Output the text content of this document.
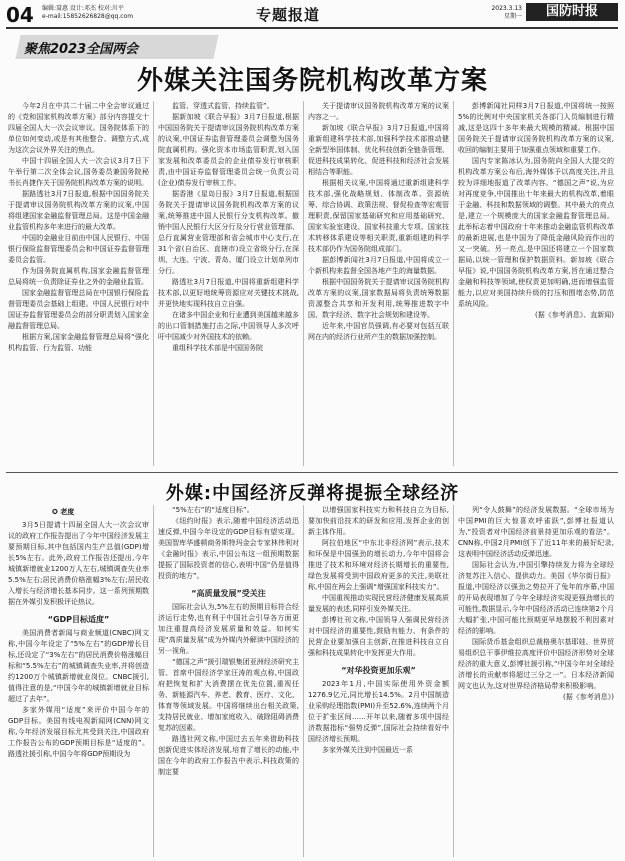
04 编辑:聂惠 设计:邓杰 校对:川平
e-mail:15852626828@qq.com	专题报道	2023.3.13
星期一	国防时报
聚焦2023全国两会
外媒关注国务院机构改革方案

今年2月在中共二十届二中全会审议通过的《党和国家机构改革方案》部分内容提交十四届全国人大一次会议审议。国务院体系下的单位如何变动,或是有其他整合、调整方式,成为这次会议外界关注的焦点。

中国十四届全国人大一次会议3月7日下午举行第二次全体会议,国务委员兼国务院秘书长肖捷作关于国务院机构改革方案的说明。

据路透社3月7日报道,根据中国国务院关于提请审议国务院机构改革方案的议案,中国将组建国家金融监督管理总局。这是中国金融业监管机构多年来进行的最大改革。

中国的金融业目前由中国人民银行、中国银行保险监督管理委员会和中国证券监督管理委员会监管。

作为国务院直属机构,国家金融监督管理总局将统一负责除证券业之外的金融业监管。

国家金融监督管理总局在中国银行保险监督管理委员会基础上组建。中国人民银行对中国证券监督管理委员会的部分职责划入国家金融监督管理总局。

根据方案,国家金融监督管理总局将“强化机构监管、行为监管、功能

监管、穿透式监管、持续监管”。

据新加坡《联合早报》3月7日报道,根据中国国务院关于提请审议国务院机构改革方案的议案,中国证券监督管理委员会调整为国务院直属机构。强化资本市场监管职责,划入国家发展和改革委员会的企业债券发行审核职责,由中国证券监督管理委员会统一负责公司(企业)债券发行审核工作。

据香港《星岛日报》3月7日报道,根据国务院关于提请审议国务院机构改革方案的议案,统筹推进中国人民银行分支机构改革。撤销中国人民银行大区分行及分行营业管理部、总行直属营业管理部和省会城市中心支行,在31个省(自治区、直辖市)设立省级分行,在深圳、大连、宁波、青岛、厦门设立计划单列市分行。

路透社3月7日报道,中国将重新组建科学技术部,以更好地统筹资源应对关键技术挑战,并更快地实现科技自立自强。

在诸多中国企业和行业遭到美国越来越多的出口管制措施打击之际,中国领导人多次呼吁中国减少对外国技术的依赖。

重组科学技术部是中国国务院

关于提请审议国务院机构改革方案的议案内容之一。

新加坡《联合早报》3月7日报道,中国将重新组建科学技术部,加强科学技术部推动健全新型举国体制、优化科技创新全链条管理、促进科技成果转化、促进科技和经济社会发展相结合等职能。

根据相关议案,中国将通过重新组建科学技术部,强化战略规划、体制改革、资源统筹、综合协调、政策法规、督促检查等宏观管理职责,保留国家基础研究和应用基础研究、国家实验室建设、国家科技重大专项、国家技术转移体系建设等相关职责,重新组建的科学技术部仍作为国务院组成部门。

据彭博新闻社3月7日报道,中国将成立一个新机构来监督全国各地产生的海量数据。

根据中国国务院关于提请审议国务院机构改革方案的议案,国家数据局将负责统筹数据资源整合共享和开发利用,统筹推进数字中国、数字经济、数字社会规划和建设等。

近年来,中国官员强调,有必要对包括互联网在内的经济行业所产生的数据加强控制。

彭博新闻社同样3月7日报道,中国将统一按照5%的比例对中央国家机关各部门人员编制进行精减,这是这四十多年来最大规模的精减。根据中国国务院关于提请审议国务院机构改革方案的议案,收回的编制主要用于加强重点领域和重要工作。

国内专家陈冰认为,国务院向全国人大提交的机构改革方案公布后,海外媒体予以高度关注,并且较为详细地报道了改革内容。“德国之声”说,为应对再度竞争,中国推出十年来最大的机构改革,着眼于金融、科技和数据领域的调整。其中最大的亮点是,建立一个规模庞大的国家金融监督管理总局。此举标志着中国政府十年来推动金融监管机构改革的最新进展,也是中国为了降低金融风险而作出的又一突破。另一亮点,是中国还将建立一个国家数据局,以统一管理和保护数据资料。新加坡《联合早报》说,中国国务院机构改革方案,旨在通过整合金融和科技等领域,使权责更加明确,进而增强监管能力,以应对美国持续升级的打压和围堵态势,防范系统风险。

(据《参考消息》、直新闻)

外媒:中国经济反弹将提振全球经济
✪ 老度

3月5日提请十四届全国人大一次会议审议的政府工作报告提出了今年中国经济发展主要预期目标,其中包括国内生产总值(GDP)增长5%左右。此外,政府工作报告还提出,今年城镇新增就业1200万人左右,城镇调查失业率5.5%左右;居民消费价格涨幅3%左右;居民收入增长与经济增长基本同步。这一系列预期数据在外媒引发积极评论热议。

“GDP目标适度”

美国消费者新闻与商业频道(CNBC)网文称,中国今年设定了“5%左右”的GDP增长目标,还设定了“3%左右”的居民消费价格涨幅目标和“5.5%左右”的城镇调查失业率,并将创造约1200万个城镇新增就业岗位。CNBC援引,值得注意的是,“中国今年的城镇新增就业目标超过了去年”。

多家外媒用“适度”来评价中国今年的GDP目标。美国有线电视新闻网(CNN)网文称,今年经济发展目标尤其受到关注,中国政府工作报告公布的GDP预期目标是“适度的”。路透社援引称,中国今年将GDP预期设为

“5%左右”的“适度目标”。

《纽约时报》表示,随着中国经济活动迅速反弹,中国今年设定的GDP目标有望实现。美国智库华盛顿商务斯特玛金会专家林伟利对《金融时报》表示,中国公布这一组预期数据提振了国际投资者的信心,表明中国“仍是值得投资的地方”。

“高质量发展”受关注

国际社会认为,5%左右的预期目标符合经济运行走势,也有利于中国社会引导各方面更加注重提高经济发展质量和效益。如何实现“高质量发展”成为外媒内外解读中国经济的另一视角。

“德国之声”援引瑞银集团亚洲经济研究主管、首席中国经济学家汪涛的观点称,中国政府把恢复和扩大消费摆在优先位置,重视任务、新能源汽车、养老、教育、医疗、文化、体育等领域发展。中国将继续出台相关政策,支持居民就业、增加家庭收入、破除阻碍消费复苏的因素。

路透社网文称,中国过去五年来借助科技创新促进实体经济发展,培育了增长的动能,中国在今年的政府工作报告中表示,科技政策的制定要

以增强国家科技实力和科技自立为目标,要加快前沿技术的研发和应用,发挥企业的创新主体作用。

阿拉伯地区“中东北非经济网”表示,技术和环保是中国强劲的增长动力,今年中国将会推进了技术和环境对经济长期增长的重要性,绿色发展将受到中国政府更多的关注,美联社称,中国在两会上强调“增强国家科技实力”。

中国重视推动实现民营经济健康发展高质量发展的表述,同样引发外媒关注。

彭博社刊文称,中国领导人强调民营经济对中国经济的重要性,鼓励有能力、有条件的民营企业要加强自主创新,在推进科技自立自强和科技成果转化中发挥更大作用。

“对华投资更加乐观”

2023年1月,中国实际使用外资金额1276.9亿元,同比增长14.5%。2月中国制造业采购经理指数(PMI)升至52.6%,连续两个月位于扩张区间……开年以来,随着多项中国经济数据指标“强势反弹”,国际社会持续看好中国经济增长预期。

多家外媒关注到中国最近一系

列“令人鼓舞”的经济发展数据。“全球市场为中国PMI的巨大惊喜欢呼雀跃”,彭博社报道认为,“投资者对中国经济前景持更加乐观的看法”。CNN称,中国2月PMI创下了近11年来的最好纪录,这表明中国经济活动反弹迅速。

国际社会认为,中国引擎持续发力将为全球经济复苏注入信心、提供动力。美国《华尔街日报》报道,中国经济以强劲之势拉开了兔年的序幕,中国的开局表现增加了今年全球经济实现更强劲增长的可能性,数据显示,今年中国经济活动已连续第2个月大幅扩张,中国可能比预期更早地摆脱不利因素对经济的影响。

国际货币基金组织总裁格奥尔基耶娃、世界贸易组织总干事伊维拉高度评价中国经济形势对全球经济的重大意义,彭博社援引称,“中国今年对全球经济增长的贡献率将超过三分之一”。日本经济新闻网文也认为,这对世界经济格局带来积极影响。

(据《参考消息》)
